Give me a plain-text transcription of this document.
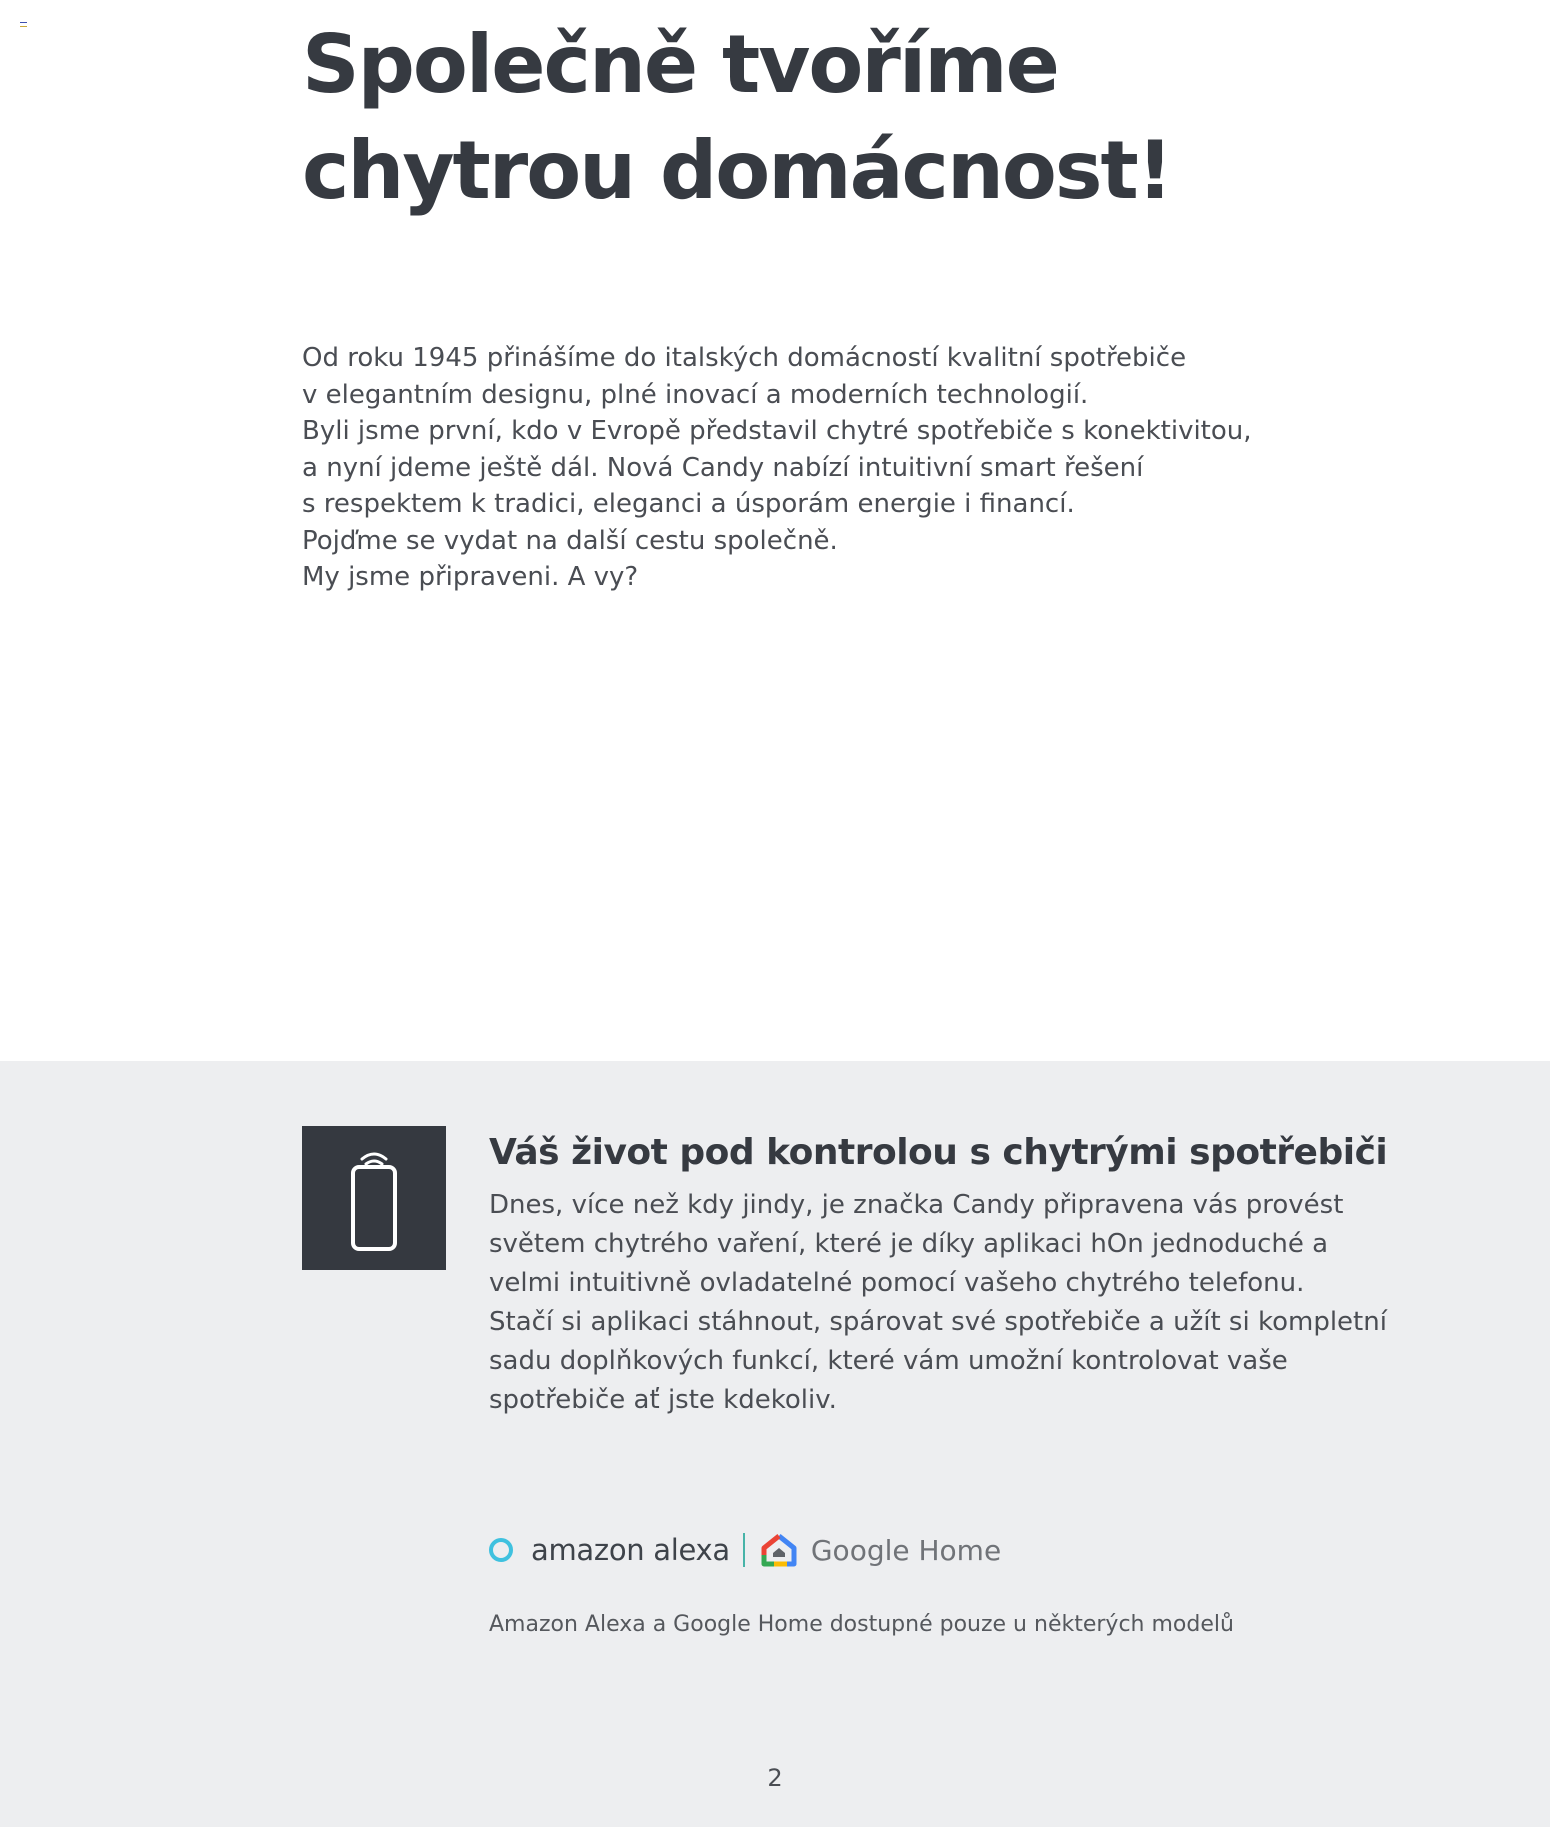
Společně tvoříme
chytrou domácnost!
Od roku 1945 přinášíme do italských domácností kvalitní spotřebiče
v elegantním designu, plné inovací a moderních technologií.
Byli jsme první, kdo v Evropě představil chytré spotřebiče s konektivitou,
a nyní jdeme ještě dál. Nová Candy nabízí intuitivní smart řešení
s respektem k tradici, eleganci a úsporám energie i financí.
Pojďme se vydat na další cestu společně.
My jsme připraveni. A vy?
Váš život pod kontrolou s chytrými spotřebiči
Dnes, více než kdy jindy, je značka Candy připravena vás provést
světem chytrého vaření, které je díky aplikaci hOn jednoduché a
velmi intuitivně ovladatelné pomocí vašeho chytrého telefonu.
Stačí si aplikaci stáhnout, spárovat své spotřebiče a užít si kompletní
sadu doplňkových funkcí, které vám umožní kontrolovat vaše
spotřebiče ať jste kdekoliv.
amazon alexa	Google Home
Amazon Alexa a Google Home dostupné pouze u některých modelů
2
